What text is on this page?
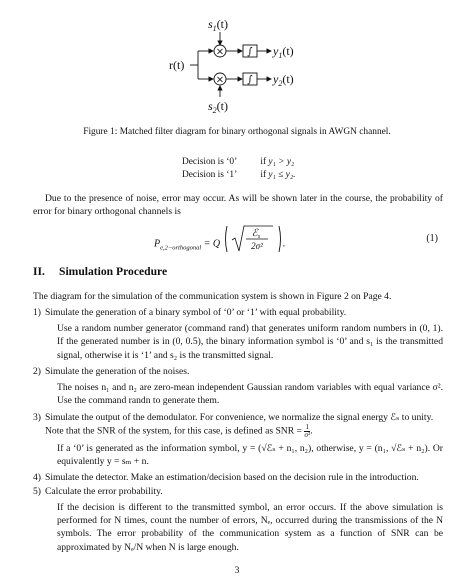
$s_1(t)$
×
r(t)
∫ $y_1(t)$
× ∫ $y_2(t)$
$s_2(t)$
Figure 1: Matched filter diagram for binary orthogonal signals in AWGN channel.
Decision is ‘0’ if y₁ > y₂
Decision is ‘1’ if y₁ ≤ y₂.
Due to the presence of noise, error may occur. As will be shown later in the course, the probability of error for binary orthogonal channels is
$P_{e,2-orthogonal} = Q$
ℰ$_s$
2σ² .	(1)
II. Simulation Procedure
The diagram for the simulation of the communication system is shown in Figure 2 on Page 4.
1) Simulate the generation of a binary symbol of ‘0’ or ‘1’ with equal probability.
Use a random number generator (command rand) that generates uniform random numbers in (0, 1). If the generated number is in (0, 0.5), the binary information symbol is ‘0’ and s₁ is the transmitted signal, otherwise it is ‘1’ and s₂ is the transmitted signal.
2) Simulate the generation of the noises.
The noises n₁ and n₂ are zero-mean independent Gaussian random variables with equal variance σ². Use the command randn to generate them.
3) Simulate the output of the demodulator. For convenience, we normalize the signal energy ℰₛ to unity. Note that the SNR of the system, for this case, is defined as SNR = $\frac{1}{\text{σ²}}$ .
If a ‘0’ is generated as the information symbol, y = (√ℰₛ + n₁, n₂), otherwise, y = (n₁, √ℰₛ + n₂). Or equivalently y = sₘ + n.
4) Simulate the detector. Make an estimation/decision based on the decision rule in the introduction.
5) Calculate the error probability.
If the decision is different to the transmitted symbol, an error occurs. If the above simulation is performed for N times, count the number of errors, Nₑ, occurred during the transmissions of the N symbols. The error probability of the communication system as a function of SNR can be approximated by Nₑ/N when N is large enough.
3
